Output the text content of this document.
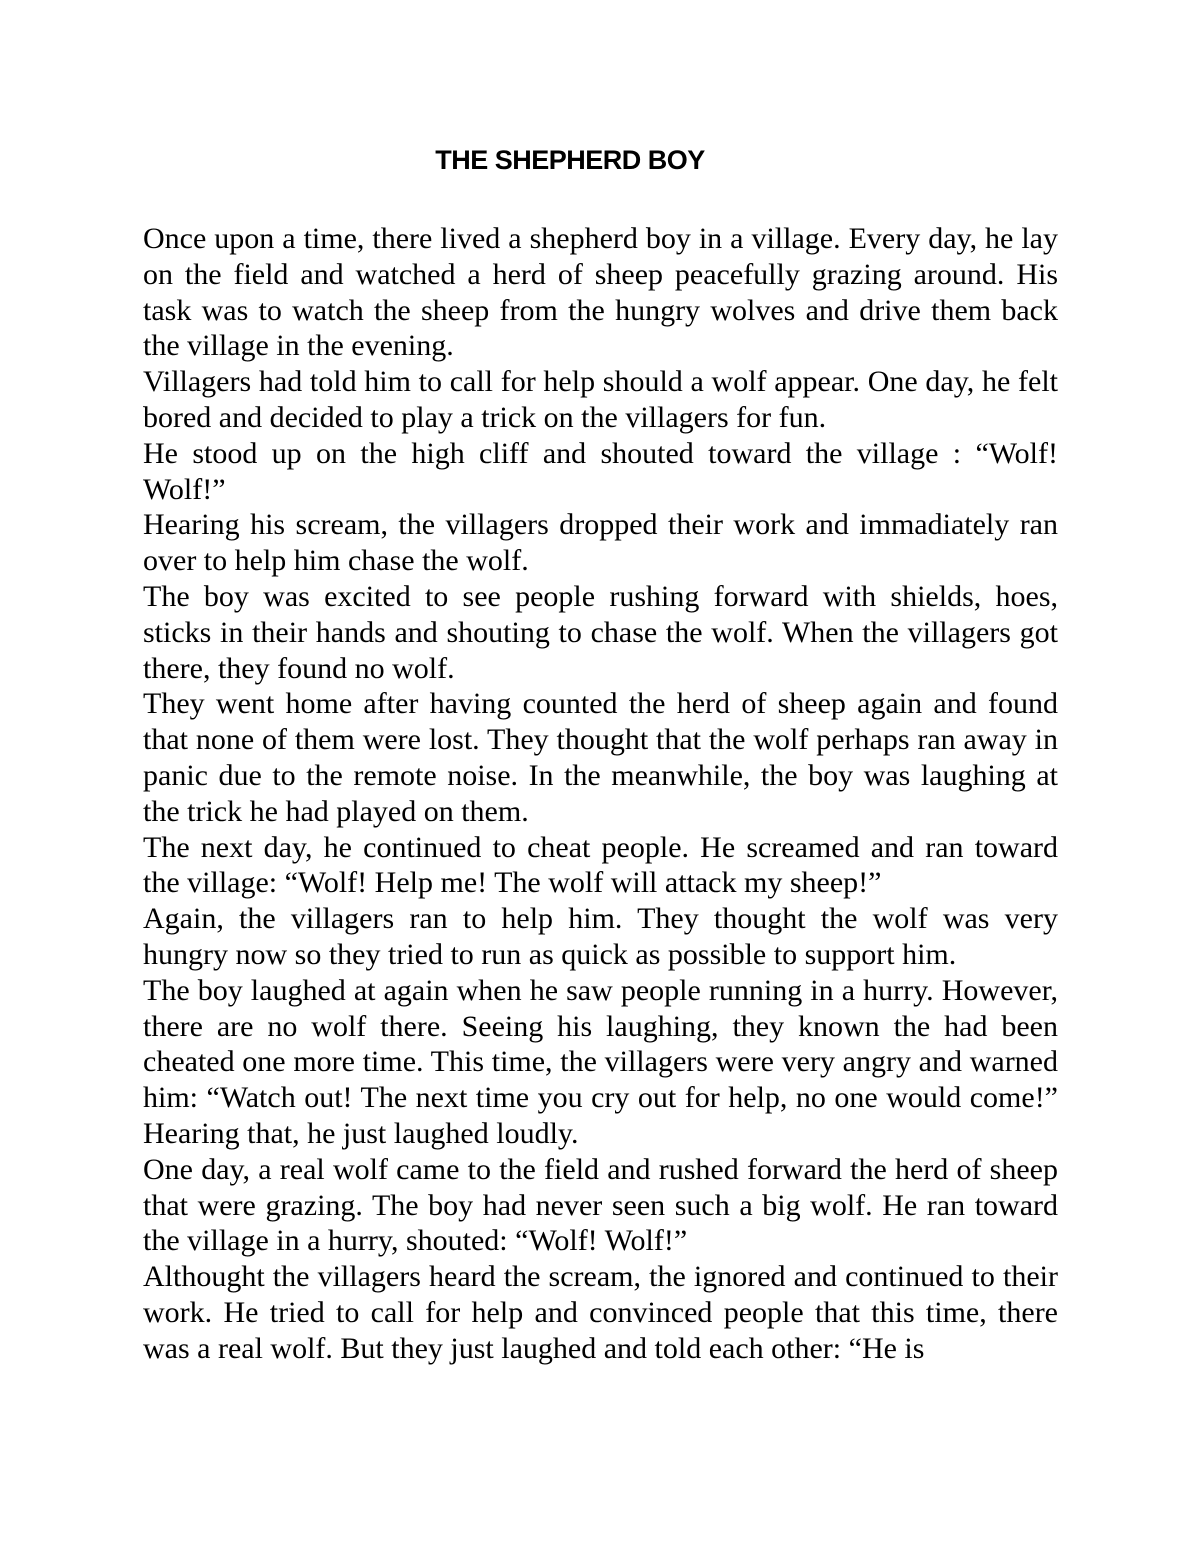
THE SHEPHERD BOY

Once upon a time, there lived a shepherd boy in a village. Every day, he lay on the field and watched a herd of sheep peacefully grazing around. His task was to watch the sheep from the hungry wolves and drive them back the village in the evening.

Villagers had told him to call for help should a wolf appear. One day, he felt bored and decided to play a trick on the villagers for fun.

He stood up on the high cliff and shouted toward the village : “Wolf! Wolf!”

Hearing his scream, the villagers dropped their work and immadiately ran over to help him chase the wolf.

The boy was excited to see people rushing forward with shields, hoes, sticks in their hands and shouting to chase the wolf. When the villagers got there, they found no wolf.

They went home after having counted the herd of sheep again and found that none of them were lost. They thought that the wolf perhaps ran away in panic due to the remote noise. In the meanwhile, the boy was laughing at the trick he had played on them.

The next day, he continued to cheat people. He screamed and ran toward the village: “Wolf! Help me! The wolf will attack my sheep!”

Again, the villagers ran to help him. They thought the wolf was very hungry now so they tried to run as quick as possible to support him.

The boy laughed at again when he saw people running in a hurry. However, there are no wolf there. Seeing his laughing, they known the had been cheated one more time. This time, the villagers were very angry and warned him: “Watch out! The next time you cry out for help, no one would come!” Hearing that, he just laughed loudly.

One day, a real wolf came to the field and rushed forward the herd of sheep that were grazing. The boy had never seen such a big wolf. He ran toward the village in a hurry, shouted: “Wolf! Wolf!”

Althought the villagers heard the scream, the ignored and continued to their work. He tried to call for help and convinced people that this time, there was a real wolf. But they just laughed and told each other: “He is
